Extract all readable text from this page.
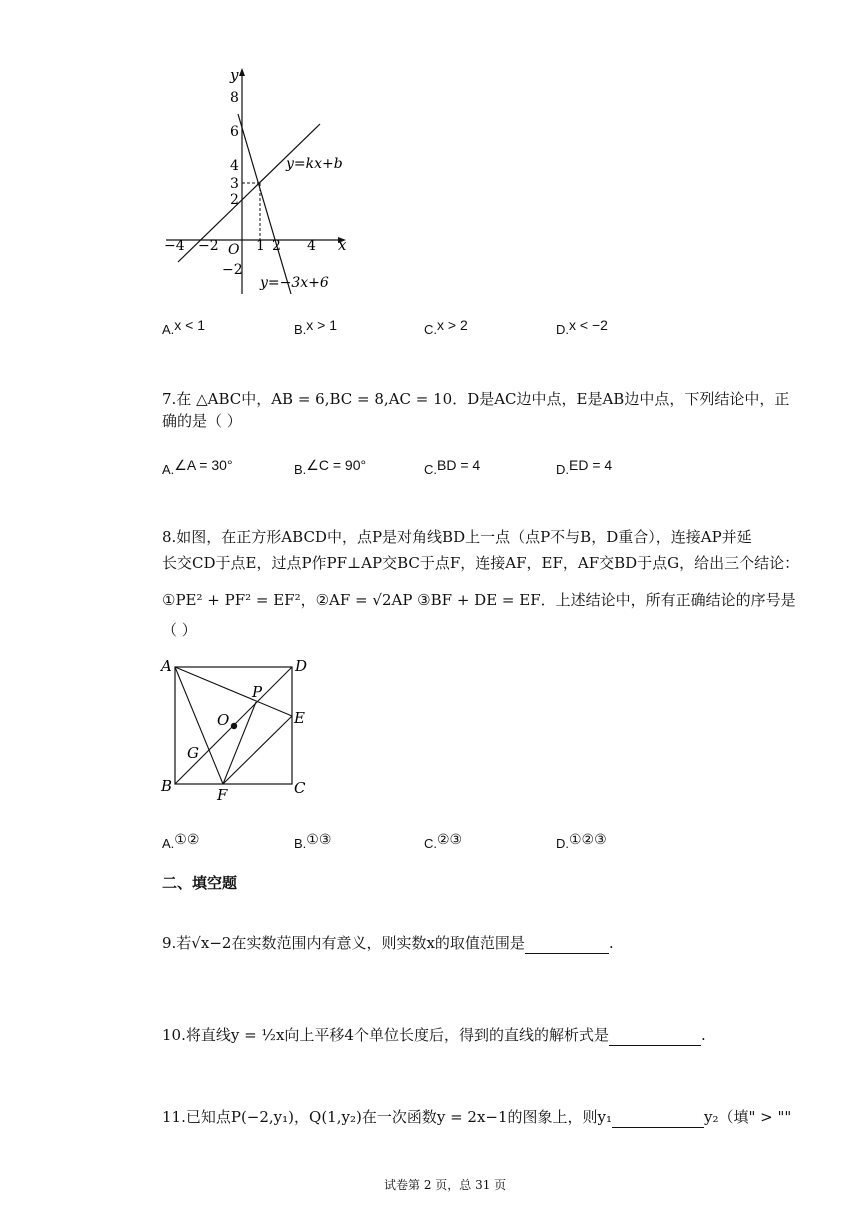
y
x
O
8
6
4
3
2
−2
−4 −2	1 2 4
y=kx+b
y=−3x+6
A.x < 1	B.x > 1	C.x > 2	D.x < −2
7.在 △ABC中，AB = 6,BC = 8,AC = 10．D是AC边中点，E是AB边中点，下列结论中，正
确的是（ ）
A.∠A = 30°	B.∠C = 90°	C.BD = 4	D.ED = 4
8.如图，在正方形ABCD中，点P是对角线BD上一点（点P不与B，D重合），连接AP并延
长交CD于点E，过点P作PF⊥AP交BC于点F，连接AF，EF，AF交BD于点G，给出三个结论：
①PE² + PF² = EF²，②AF = √2AP ③BF + DE = EF．上述结论中，所有正确结论的序号是
（ ）
A	D
B	C
P
E
O
G
F
A.①②	B.①③	C.②③	D.①②③
二、填空题
9.若√x−2在实数范围内有意义，则实数x的取值范围是	.
10.将直线y = ½x向上平移4个单位长度后，得到的直线的解析式是	.
11.已知点P(−2,y₁)，Q(1,y₂)在一次函数y = 2x−1的图象上，则y₁	y₂（填" > ""
试卷第 2 页，总 31 页
